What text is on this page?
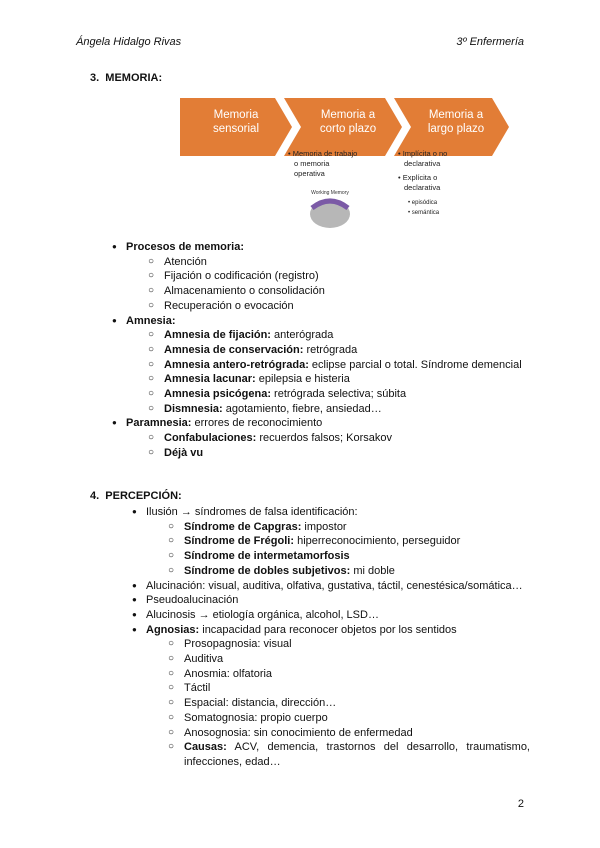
Ángela Hidalgo Rivas	3º Enfermería
3.  MEMORIA:
Memoria sensorial
Memoria a corto plazo
Memoria a largo plazo
• Memoria de trabajo o memoria operativa
• Implícita o no declarativa
• Explícita o declarativa
• episódica
• semántica
Working Memory
● Procesos de memoria:
○ Atención
○ Fijación o codificación (registro)
○ Almacenamiento o consolidación
○ Recuperación o evocación
● Amnesia:
○ Amnesia de fijación: anterógrada
○ Amnesia de conservación: retrógrada
○ Amnesia antero-retrógrada: eclipse parcial o total. Síndrome demencial
○ Amnesia lacunar: epilepsia e histeria
○ Amnesia psicógena: retrógrada selectiva; súbita
○ Dismnesia: agotamiento, fiebre, ansiedad…
● Paramnesia: errores de reconocimiento
○ Confabulaciones: recuerdos falsos; Korsakov
○ Déjà vu
4.  PERCEPCIÓN:
● Ilusión → síndromes de falsa identificación:
○ Síndrome de Capgras: impostor
○ Síndrome de Frégoli: hiperreconocimiento, perseguidor
○ Síndrome de intermetamorfosis
○ Síndrome de dobles subjetivos: mi doble
● Alucinación: visual, auditiva, olfativa, gustativa, táctil, cenestésica/somática…
● Pseudoalucinación
● Alucinosis → etiología orgánica, alcohol, LSD…
● Agnosias: incapacidad para reconocer objetos por los sentidos
○ Prosopagnosia: visual
○ Auditiva
○ Anosmia: olfatoria
○ Táctil
○ Espacial: distancia, dirección…
○ Somatognosia: propio cuerpo
○ Anosognosia: sin conocimiento de enfermedad
○ Causas: ACV, demencia, trastornos del desarrollo, traumatismo, infecciones, edad…
2
